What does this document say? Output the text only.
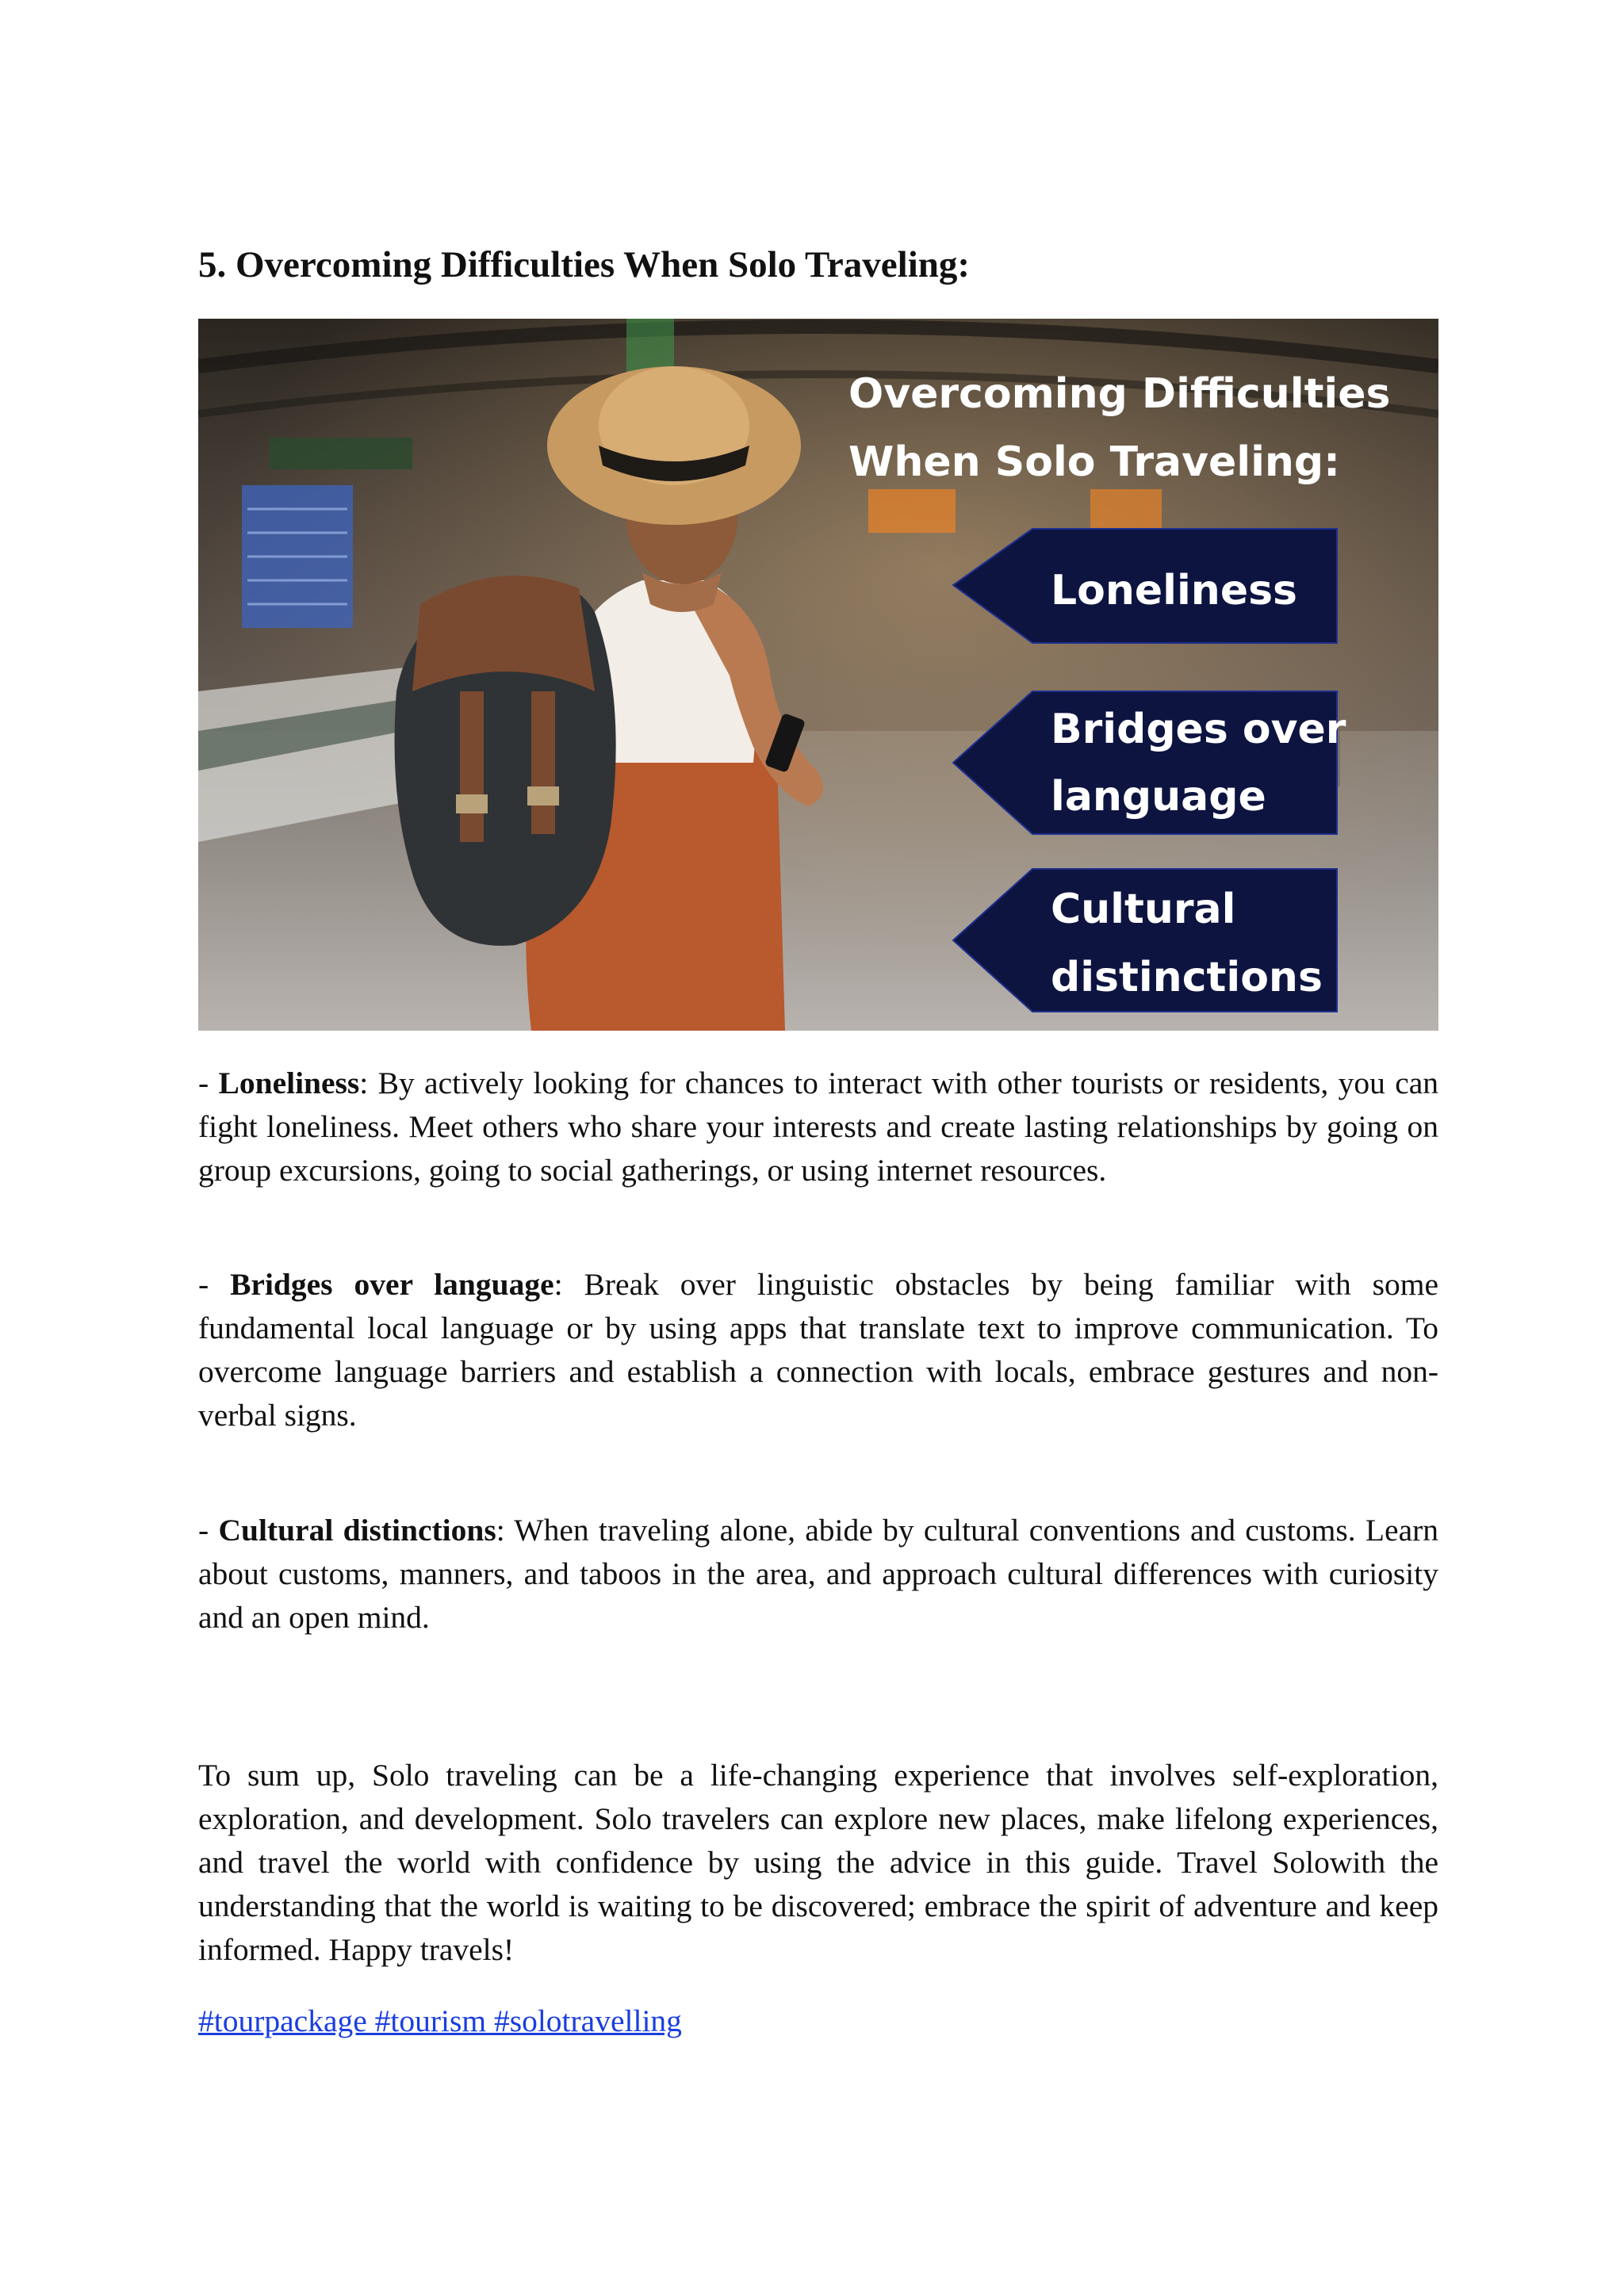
5. Overcoming Difficulties When Solo Traveling:
Overcoming Difficulties
When Solo Traveling:
Loneliness
Bridges over
language
Cultural
distinctions

- Loneliness: By actively looking for chances to interact with other tourists or residents, you can fight loneliness. Meet others who share your interests and create lasting relationships by going on group excursions, going to social gatherings, or using internet resources.

- Bridges over language: Break over linguistic obstacles by being familiar with some fundamental local language or by using apps that translate text to improve communication. To overcome language barriers and establish a connection with locals, embrace gestures and non-verbal signs.

- Cultural distinctions: When traveling alone, abide by cultural conventions and customs. Learn about customs, manners, and taboos in the area, and approach cultural differences with curiosity and an open mind.

To sum up, Solo traveling can be a life-changing experience that involves self-exploration, exploration, and development. Solo travelers can explore new places, make lifelong experiences, and travel the world with confidence by using the advice in this guide. Travel Solowith the understanding that the world is waiting to be discovered; embrace the spirit of adventure and keep informed. Happy travels!

#tourpackage #tourism #solotravelling
